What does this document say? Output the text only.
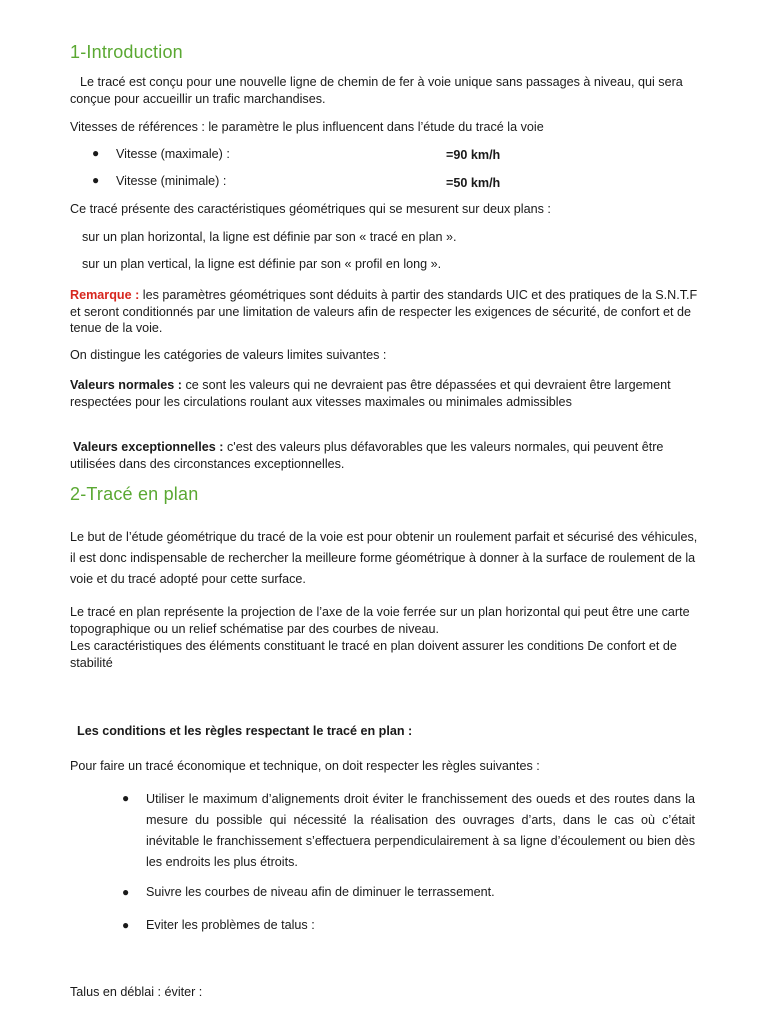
1-Introduction

Le tracé est conçu pour une nouvelle ligne de chemin de fer à voie unique sans passages à niveau, qui sera conçue pour accueillir un trafic marchandises.

Vitesses de références : le paramètre le plus influencent dans l’étude du tracé la voie

● Vitesse (maximale) :	=90 km/h

● Vitesse (minimale) :	=50 km/h

Ce tracé présente des caractéristiques géométriques qui se mesurent sur deux plans :

sur un plan horizontal, la ligne est définie par son « tracé en plan ».

sur un plan vertical, la ligne est définie par son « profil en long ».

Remarque : les paramètres géométriques sont déduits à partir des standards UIC et des pratiques de la S.N.T.F et seront conditionnés par une limitation de valeurs afin de respecter les exigences de sécurité, de confort et de tenue de la voie.

On distingue les catégories de valeurs limites suivantes :

Valeurs normales : ce sont les valeurs qui ne devraient pas être dépassées et qui devraient être largement respectées pour les circulations roulant aux vitesses maximales ou minimales admissibles

Valeurs exceptionnelles : c'est des valeurs plus défavorables que les valeurs normales, qui peuvent être utilisées dans des circonstances exceptionnelles.

2-Tracé en plan

Le but de l’étude géométrique du tracé de la voie est pour obtenir un roulement parfait et sécurisé des véhicules, il est donc indispensable de rechercher la meilleure forme géométrique à donner à la surface de roulement de la voie et du tracé adopté pour cette surface.

Le tracé en plan représente la projection de l’axe de la voie ferrée sur un plan horizontal qui peut être une carte topographique ou un relief schématise par des courbes de niveau.

Les caractéristiques des éléments constituant le tracé en plan doivent assurer les conditions De confort et de stabilité

Les conditions et les règles respectant le tracé en plan :

Pour faire un tracé économique et technique, on doit respecter les règles suivantes :

● Utiliser le maximum d’alignements droit éviter le franchissement des oueds et des routes dans la mesure du possible qui nécessité la réalisation des ouvrages d’arts, dans le cas où c’était inévitable le franchissement s’effectuera perpendiculairement à sa ligne d’écoulement ou bien dès les endroits les plus étroits.

● Suivre les courbes de niveau afin de diminuer le terrassement.

● Eviter les problèmes de talus :

Talus en déblai : éviter :
